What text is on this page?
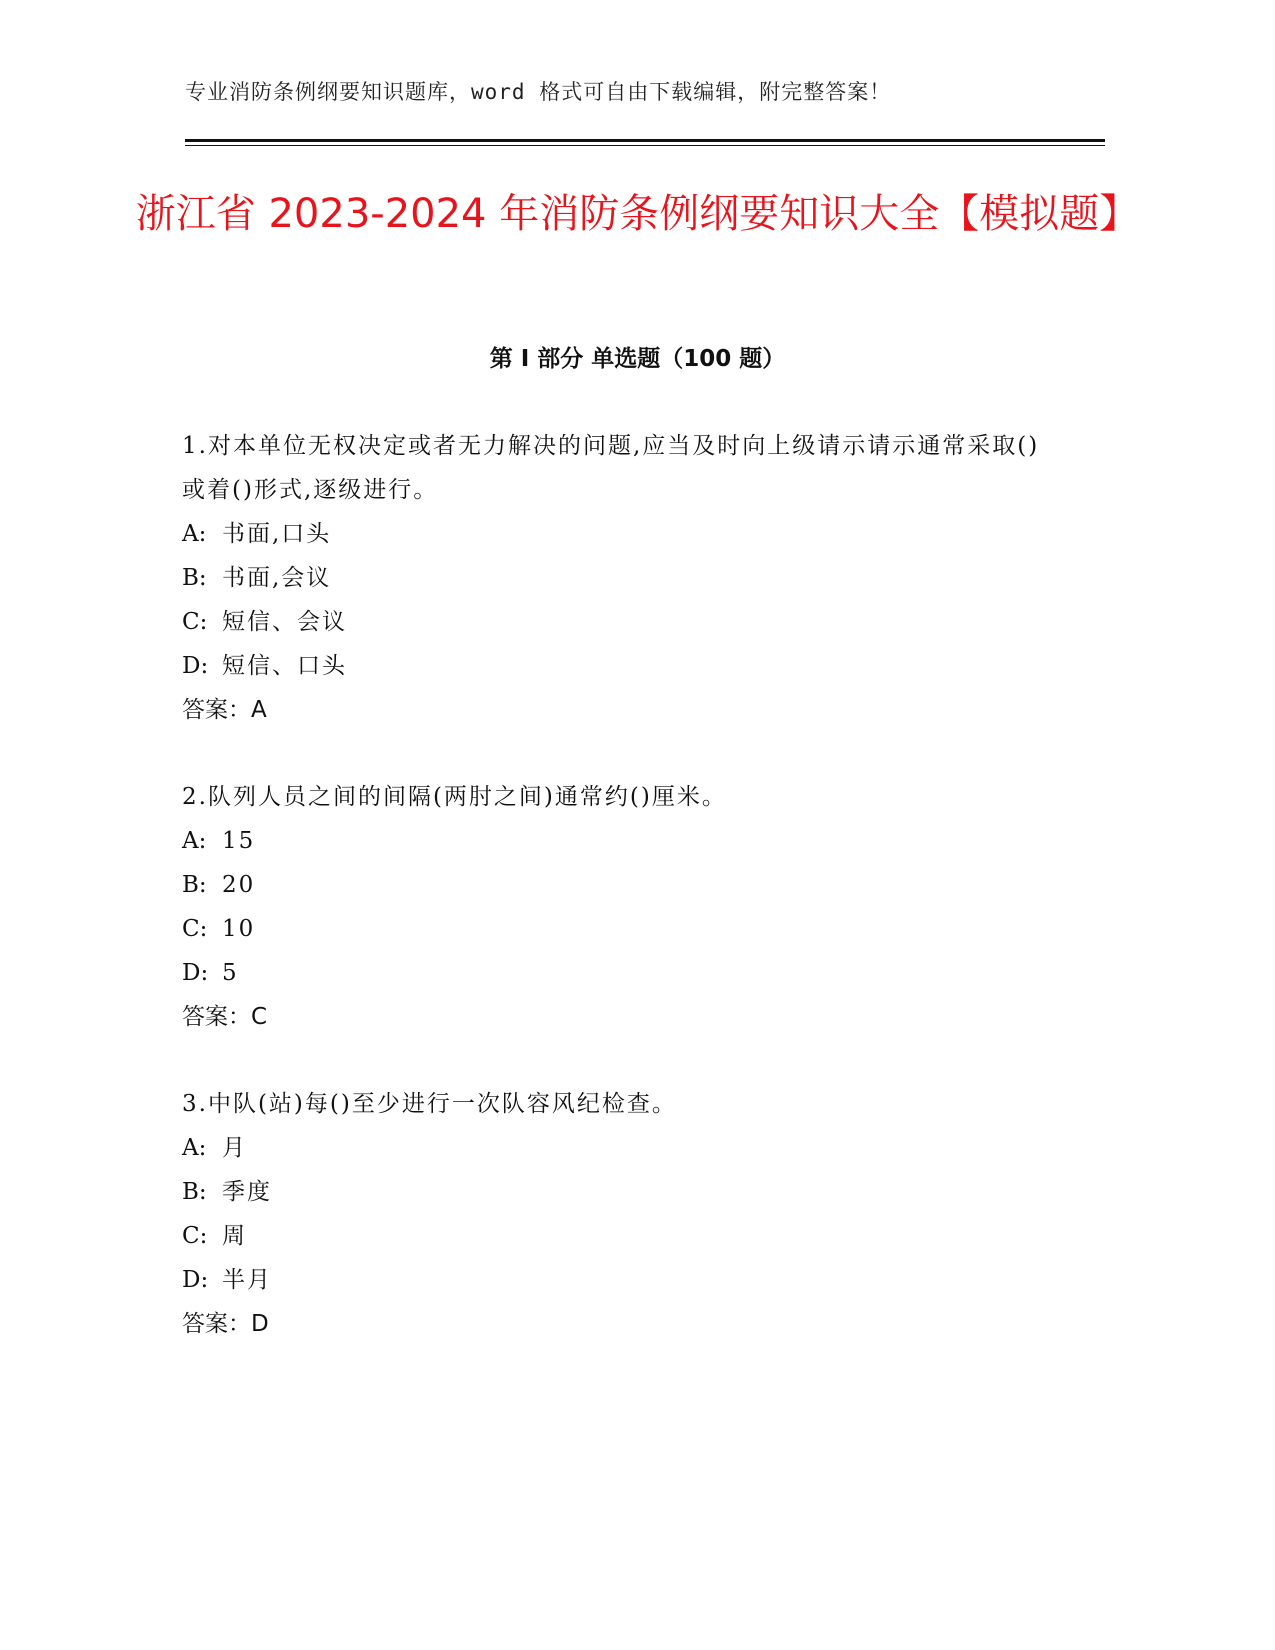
专业消防条例纲要知识题库，word 格式可自由下载编辑，附完整答案！
浙江省 2023-2024 年消防条例纲要知识大全【模拟题】
第 I 部分 单选题（100 题）

1.对本单位无权决定或者无力解决的问题,应当及时向上级请示请示通常采取()或着()形式,逐级进行。

A: 书面,口头

B: 书面,会议

C: 短信、会议

D: 短信、口头

答案：A

2.队列人员之间的间隔(两肘之间)通常约()厘米。

A: 15

B: 20

C: 10

D: 5

答案：C

3.中队(站)每()至少进行一次队容风纪检查。

A: 月

B: 季度

C: 周

D: 半月

答案：D
